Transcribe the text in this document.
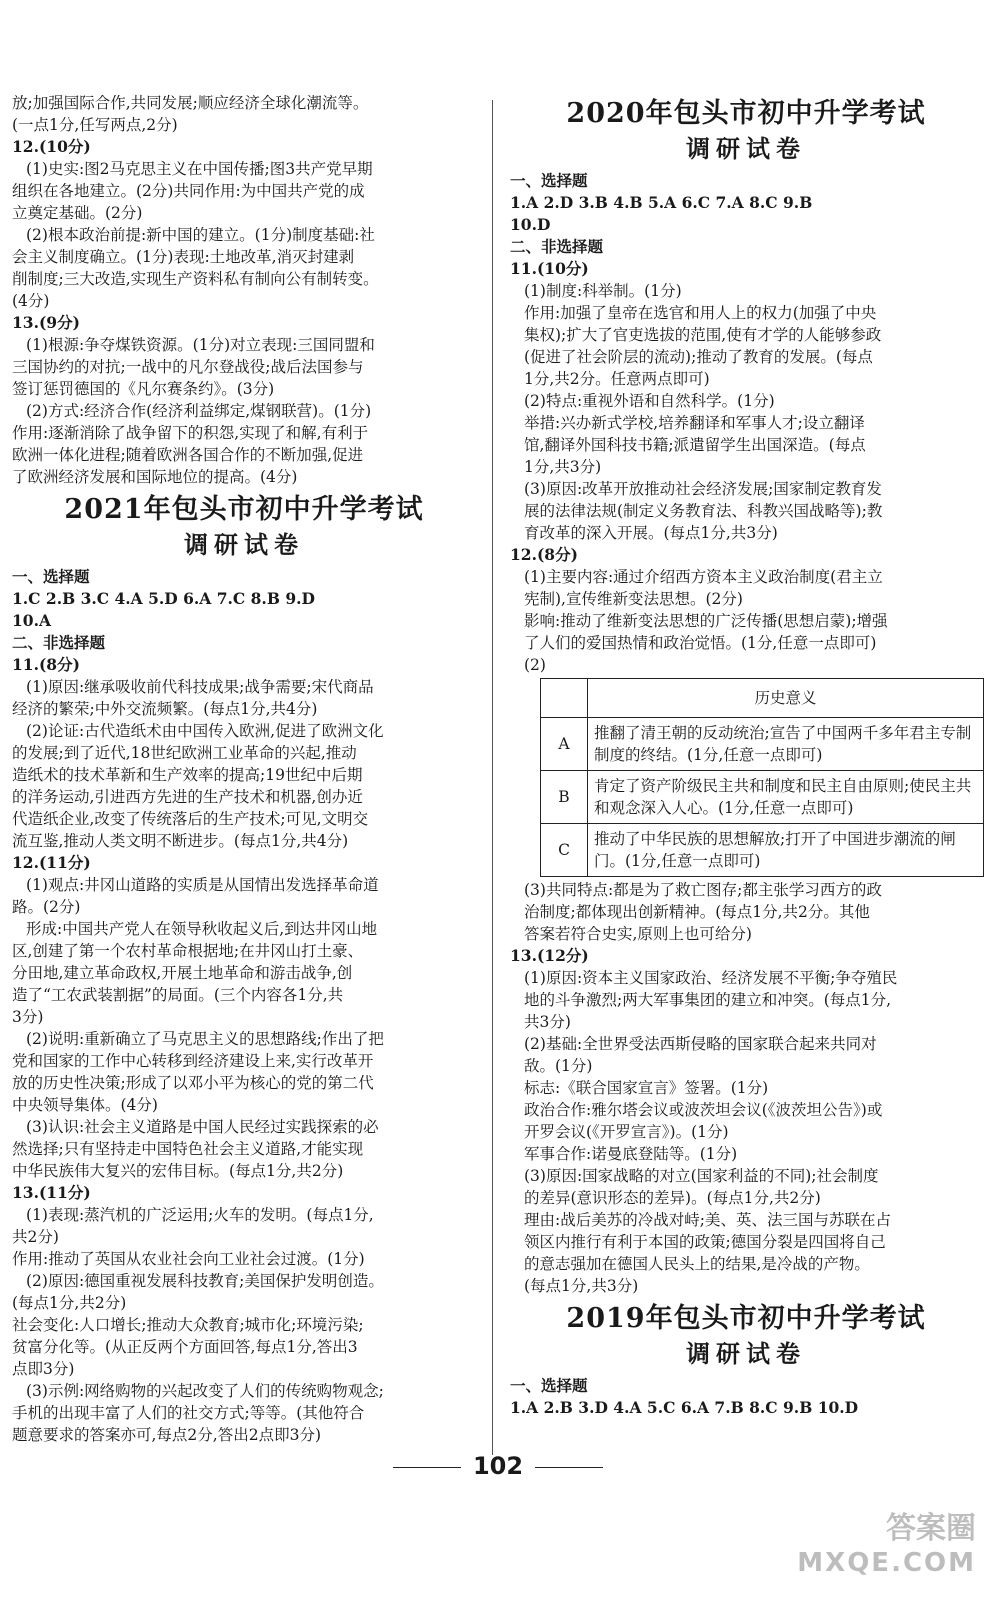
放;加强国际合作,共同发展;顺应经济全球化潮流等。
(一点1分,任写两点,2分)
12.(10分)
(1)史实:图2马克思主义在中国传播;图3共产党早期
组织在各地建立。(2分)共同作用:为中国共产党的成
立奠定基础。(2分)
(2)根本政治前提:新中国的建立。(1分)制度基础:社
会主义制度确立。(1分)表现:土地改革,消灭封建剥
削制度;三大改造,实现生产资料私有制向公有制转变。
(4分)
13.(9分)
(1)根源:争夺煤铁资源。(1分)对立表现:三国同盟和
三国协约的对抗;一战中的凡尔登战役;战后法国参与
签订惩罚德国的《凡尔赛条约》。(3分)
(2)方式:经济合作(经济利益绑定,煤钢联营)。(1分)
作用:逐渐消除了战争留下的积怨,实现了和解,有利于
欧洲一体化进程;随着欧洲各国合作的不断加强,促进
了欧洲经济发展和国际地位的提高。(4分)
2021年包头市初中升学考试
调研试卷
一、选择题
1.C 2.B 3.C 4.A 5.D 6.A 7.C 8.B 9.D
10.A
二、非选择题
11.(8分)
(1)原因:继承吸收前代科技成果;战争需要;宋代商品
经济的繁荣;中外交流频繁。(每点1分,共4分)
(2)论证:古代造纸术由中国传入欧洲,促进了欧洲文化
的发展;到了近代,18世纪欧洲工业革命的兴起,推动
造纸术的技术革新和生产效率的提高;19世纪中后期
的洋务运动,引进西方先进的生产技术和机器,创办近
代造纸企业,改变了传统落后的生产技术;可见,文明交
流互鉴,推动人类文明不断进步。(每点1分,共4分)
12.(11分)
(1)观点:井冈山道路的实质是从国情出发选择革命道
路。(2分)
形成:中国共产党人在领导秋收起义后,到达井冈山地
区,创建了第一个农村革命根据地;在井冈山打土豪、
分田地,建立革命政权,开展土地革命和游击战争,创
造了“工农武装割据”的局面。(三个内容各1分,共
3分)
(2)说明:重新确立了马克思主义的思想路线;作出了把
党和国家的工作中心转移到经济建设上来,实行改革开
放的历史性决策;形成了以邓小平为核心的党的第二代
中央领导集体。(4分)
(3)认识:社会主义道路是中国人民经过实践探索的必
然选择;只有坚持走中国特色社会主义道路,才能实现
中华民族伟大复兴的宏伟目标。(每点1分,共2分)
13.(11分)
(1)表现:蒸汽机的广泛运用;火车的发明。(每点1分,
共2分)
作用:推动了英国从农业社会向工业社会过渡。(1分)
(2)原因:德国重视发展科技教育;美国保护发明创造。
(每点1分,共2分)
社会变化:人口增长;推动大众教育;城市化;环境污染;
贫富分化等。(从正反两个方面回答,每点1分,答出3
点即3分)
(3)示例:网络购物的兴起改变了人们的传统购物观念;
手机的出现丰富了人们的社交方式;等等。(其他符合
题意要求的答案亦可,每点2分,答出2点即3分)
2020年包头市初中升学考试
调研试卷
一、选择题
1.A 2.D 3.B 4.B 5.A 6.C 7.A 8.C 9.B
10.D
二、非选择题
11.(10分)
(1)制度:科举制。(1分)
作用:加强了皇帝在选官和用人上的权力(加强了中央
集权);扩大了官吏选拔的范围,使有才学的人能够参政
(促进了社会阶层的流动);推动了教育的发展。(每点
1分,共2分。任意两点即可)
(2)特点:重视外语和自然科学。(1分)
举措:兴办新式学校,培养翻译和军事人才;设立翻译
馆,翻译外国科技书籍;派遣留学生出国深造。(每点
1分,共3分)
(3)原因:改革开放推动社会经济发展;国家制定教育发
展的法律法规(制定义务教育法、科教兴国战略等);教
育改革的深入开展。(每点1分,共3分)
12.(8分)
(1)主要内容:通过介绍西方资本主义政治制度(君主立
宪制),宣传维新变法思想。(2分)
影响:推动了维新变法思想的广泛传播(思想启蒙);增强
了人们的爱国热情和政治觉悟。(1分,任意一点即可)
(2)
	历史意义
A	推翻了清王朝的反动统治;宣告了中国两千多年君主专制制度的终结。(1分,任意一点即可)
B	肯定了资产阶级民主共和制度和民主自由原则;使民主共和观念深入人心。(1分,任意一点即可)
C	推动了中华民族的思想解放;打开了中国进步潮流的闸门。(1分,任意一点即可)
(3)共同特点:都是为了救亡图存;都主张学习西方的政
治制度;都体现出创新精神。(每点1分,共2分。其他
答案若符合史实,原则上也可给分)
13.(12分)
(1)原因:资本主义国家政治、经济发展不平衡;争夺殖民
地的斗争激烈;两大军事集团的建立和冲突。(每点1分,
共3分)
(2)基础:全世界受法西斯侵略的国家联合起来共同对
敌。(1分)
标志:《联合国家宣言》签署。(1分)
政治合作:雅尔塔会议或波茨坦会议(《波茨坦公告》)或
开罗会议(《开罗宣言》)。(1分)
军事合作:诺曼底登陆等。(1分)
(3)原因:国家战略的对立(国家利益的不同);社会制度
的差异(意识形态的差异)。(每点1分,共2分)
理由:战后美苏的冷战对峙;美、英、法三国与苏联在占
领区内推行有利于本国的政策;德国分裂是四国将自己
的意志强加在德国人民头上的结果,是冷战的产物。
(每点1分,共3分)
2019年包头市初中升学考试
调研试卷
一、选择题
1.A 2.B 3.D 4.A 5.C 6.A 7.B 8.C 9.B 10.D
102
答案圈
MXQE.COM
